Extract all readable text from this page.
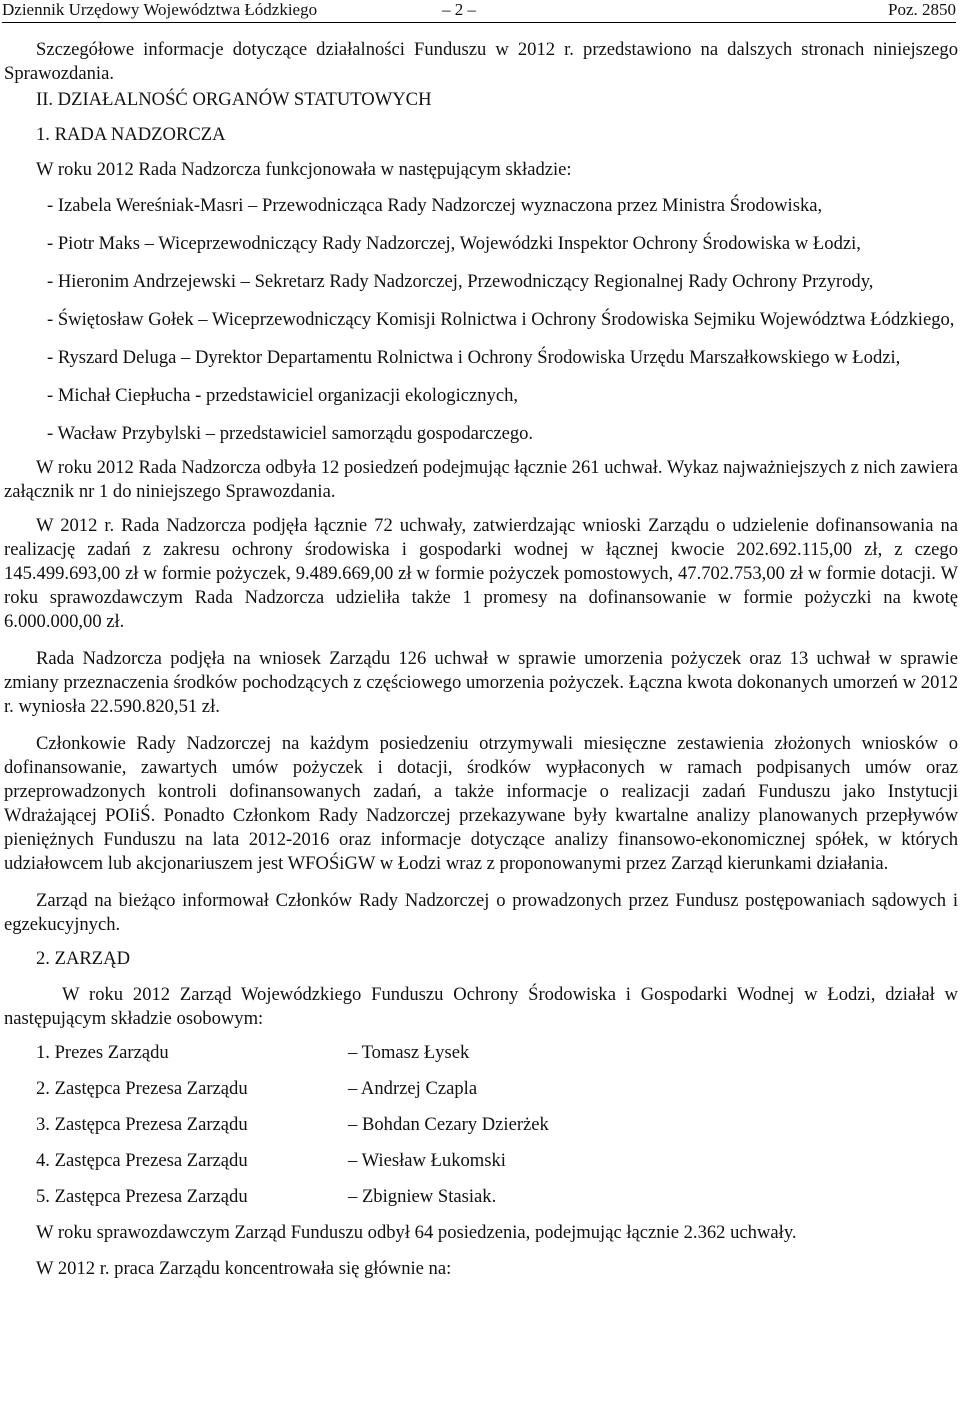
Dziennik Urzędowy Województwa Łódzkiego	– 2 –	Poz. 2850

Szczegółowe informacje dotyczące działalności Funduszu w 2012 r. przedstawiono na dalszych stronach niniejszego Sprawozdania.

II. DZIAŁALNOŚĆ ORGANÓW STATUTOWYCH

1. RADA NADZORCZA

W roku 2012 Rada Nadzorcza funkcjonowała w następującym składzie:

- Izabela Wereśniak-Masri – Przewodnicząca Rady Nadzorczej wyznaczona przez Ministra Środowiska,

- Piotr Maks – Wiceprzewodniczący Rady Nadzorczej, Wojewódzki Inspektor Ochrony Środowiska w Łodzi,

- Hieronim Andrzejewski – Sekretarz Rady Nadzorczej, Przewodniczący Regionalnej Rady Ochrony Przyrody,

- Świętosław Gołek – Wiceprzewodniczący Komisji Rolnictwa i Ochrony Środowiska Sejmiku Województwa Łódzkiego,

- Ryszard Deluga – Dyrektor Departamentu Rolnictwa i Ochrony Środowiska Urzędu Marszałkowskiego w Łodzi,

- Michał Ciepłucha - przedstawiciel organizacji ekologicznych,

- Wacław Przybylski – przedstawiciel samorządu gospodarczego.

W roku 2012 Rada Nadzorcza odbyła 12 posiedzeń podejmując łącznie 261 uchwał. Wykaz najważniejszych z nich zawiera załącznik nr 1 do niniejszego Sprawozdania.

W 2012 r. Rada Nadzorcza podjęła łącznie 72 uchwały, zatwierdzając wnioski Zarządu o udzielenie dofinansowania na realizację zadań z zakresu ochrony środowiska i gospodarki wodnej w łącznej kwocie 202.692.115,00 zł, z czego 145.499.693,00 zł w formie pożyczek, 9.489.669,00 zł w formie pożyczek pomostowych, 47.702.753,00 zł w formie dotacji. W roku sprawozdawczym Rada Nadzorcza udzieliła także 1 promesy na dofinansowanie w formie pożyczki na kwotę 6.000.000,00 zł.

Rada Nadzorcza podjęła na wniosek Zarządu 126 uchwał w sprawie umorzenia pożyczek oraz 13 uchwał w sprawie zmiany przeznaczenia środków pochodzących z częściowego umorzenia pożyczek. Łączna kwota dokonanych umorzeń w 2012 r. wyniosła 22.590.820,51 zł.

Członkowie Rady Nadzorczej na każdym posiedzeniu otrzymywali miesięczne zestawienia złożonych wniosków o dofinansowanie, zawartych umów pożyczek i dotacji, środków wypłaconych w ramach podpisanych umów oraz przeprowadzonych kontroli dofinansowanych zadań, a także informacje o realizacji zadań Funduszu jako Instytucji Wdrażającej POIiŚ. Ponadto Członkom Rady Nadzorczej przekazywane były kwartalne analizy planowanych przepływów pieniężnych Funduszu na lata 2012-2016 oraz informacje dotyczące analizy finansowo-ekonomicznej spółek, w których udziałowcem lub akcjonariuszem jest WFOŚiGW w Łodzi wraz z proponowanymi przez Zarząd kierunkami działania.

Zarząd na bieżąco informował Członków Rady Nadzorczej o prowadzonych przez Fundusz postępowaniach sądowych i egzekucyjnych.

2. ZARZĄD

W roku 2012 Zarząd Wojewódzkiego Funduszu Ochrony Środowiska i Gospodarki Wodnej w Łodzi, działał w następującym składzie osobowym:

1. Prezes Zarządu	– Tomasz Łysek
2. Zastępca Prezesa Zarządu	– Andrzej Czapla
3. Zastępca Prezesa Zarządu	– Bohdan Cezary Dzierżek
4. Zastępca Prezesa Zarządu	– Wiesław Łukomski
5. Zastępca Prezesa Zarządu	– Zbigniew Stasiak.

W roku sprawozdawczym Zarząd Funduszu odbył 64 posiedzenia, podejmując łącznie 2.362 uchwały.

W 2012 r. praca Zarządu koncentrowała się głównie na:
